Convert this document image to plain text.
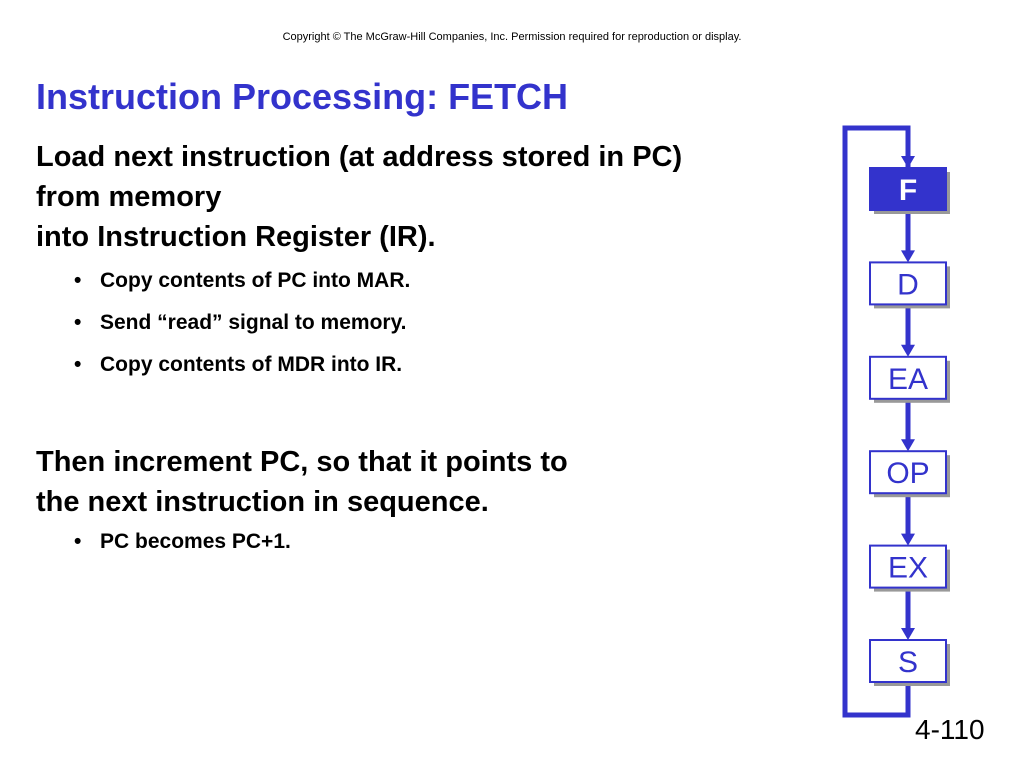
Copyright © The McGraw-Hill Companies, Inc. Permission required for reproduction or display.
Instruction Processing: FETCH
Load next instruction (at address stored in PC)
from memory
into Instruction Register (IR).
• Copy contents of PC into MAR.
• Send “read” signal to memory.
• Copy contents of MDR into IR.
Then increment PC, so that it points to
the next instruction in sequence.
• PC becomes PC+1.
F
D
EA
OP
EX
S
4-110
